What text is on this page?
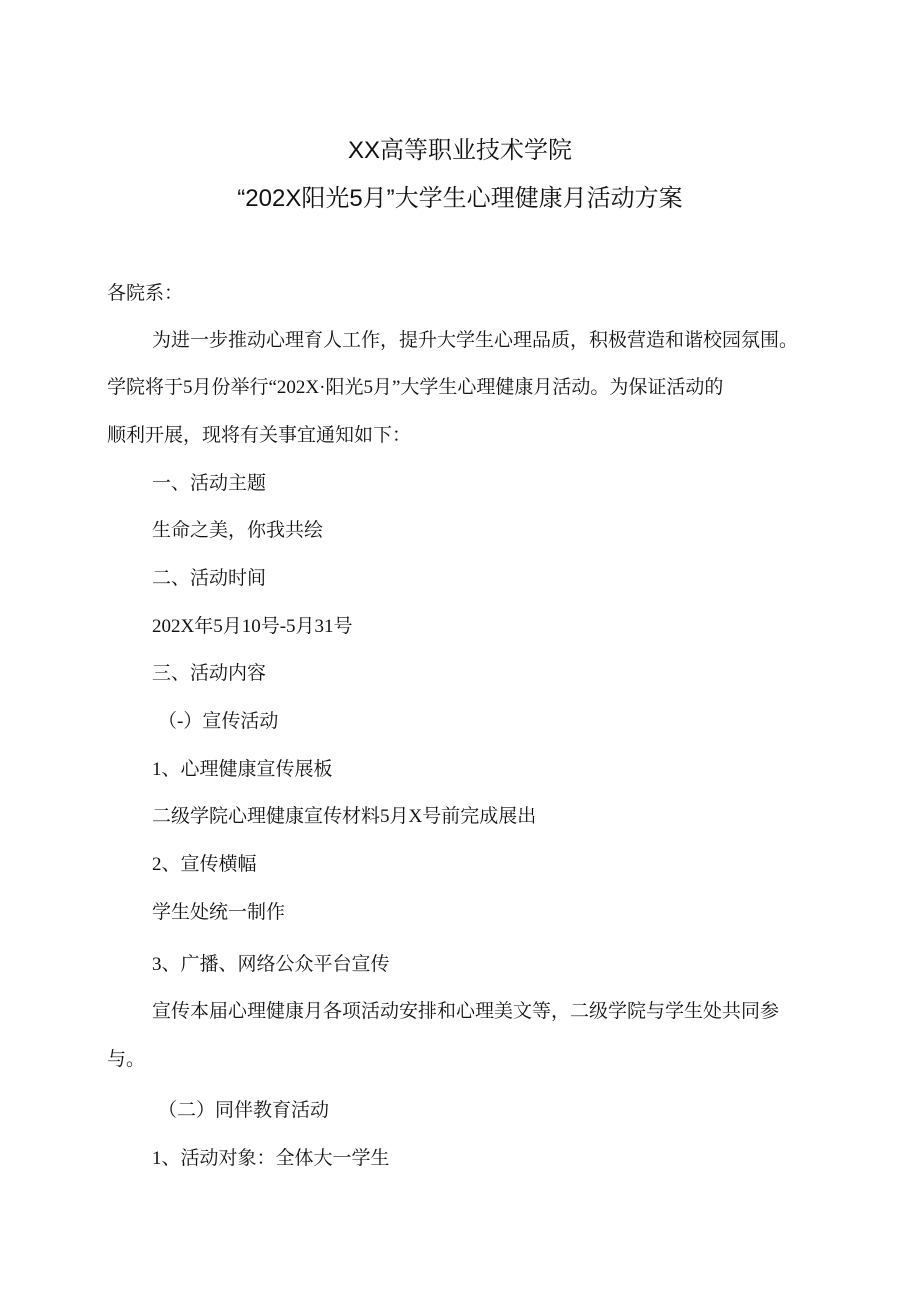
XX高等职业技术学院
“202X阳光5月”大学生心理健康月活动方案
各院系：
为进一步推动心理育人工作，提升大学生心理品质，积极营造和谐校园氛围。
学院将于5月份举行“202X·阳光5月”大学生心理健康月活动。为保证活动的
顺利开展，现将有关事宜通知如下：
一、活动主题
生命之美，你我共绘
二、活动时间
202X年5月10号-5月31号
三、活动内容
（-）宣传活动
1、心理健康宣传展板
二级学院心理健康宣传材料5月X号前完成展出
2、宣传横幅
学生处统一制作
3、广播、网络公众平台宣传
宣传本届心理健康月各项活动安排和心理美文等，二级学院与学生处共同参
与。
（二）同伴教育活动
1、活动对象：全体大一学生
